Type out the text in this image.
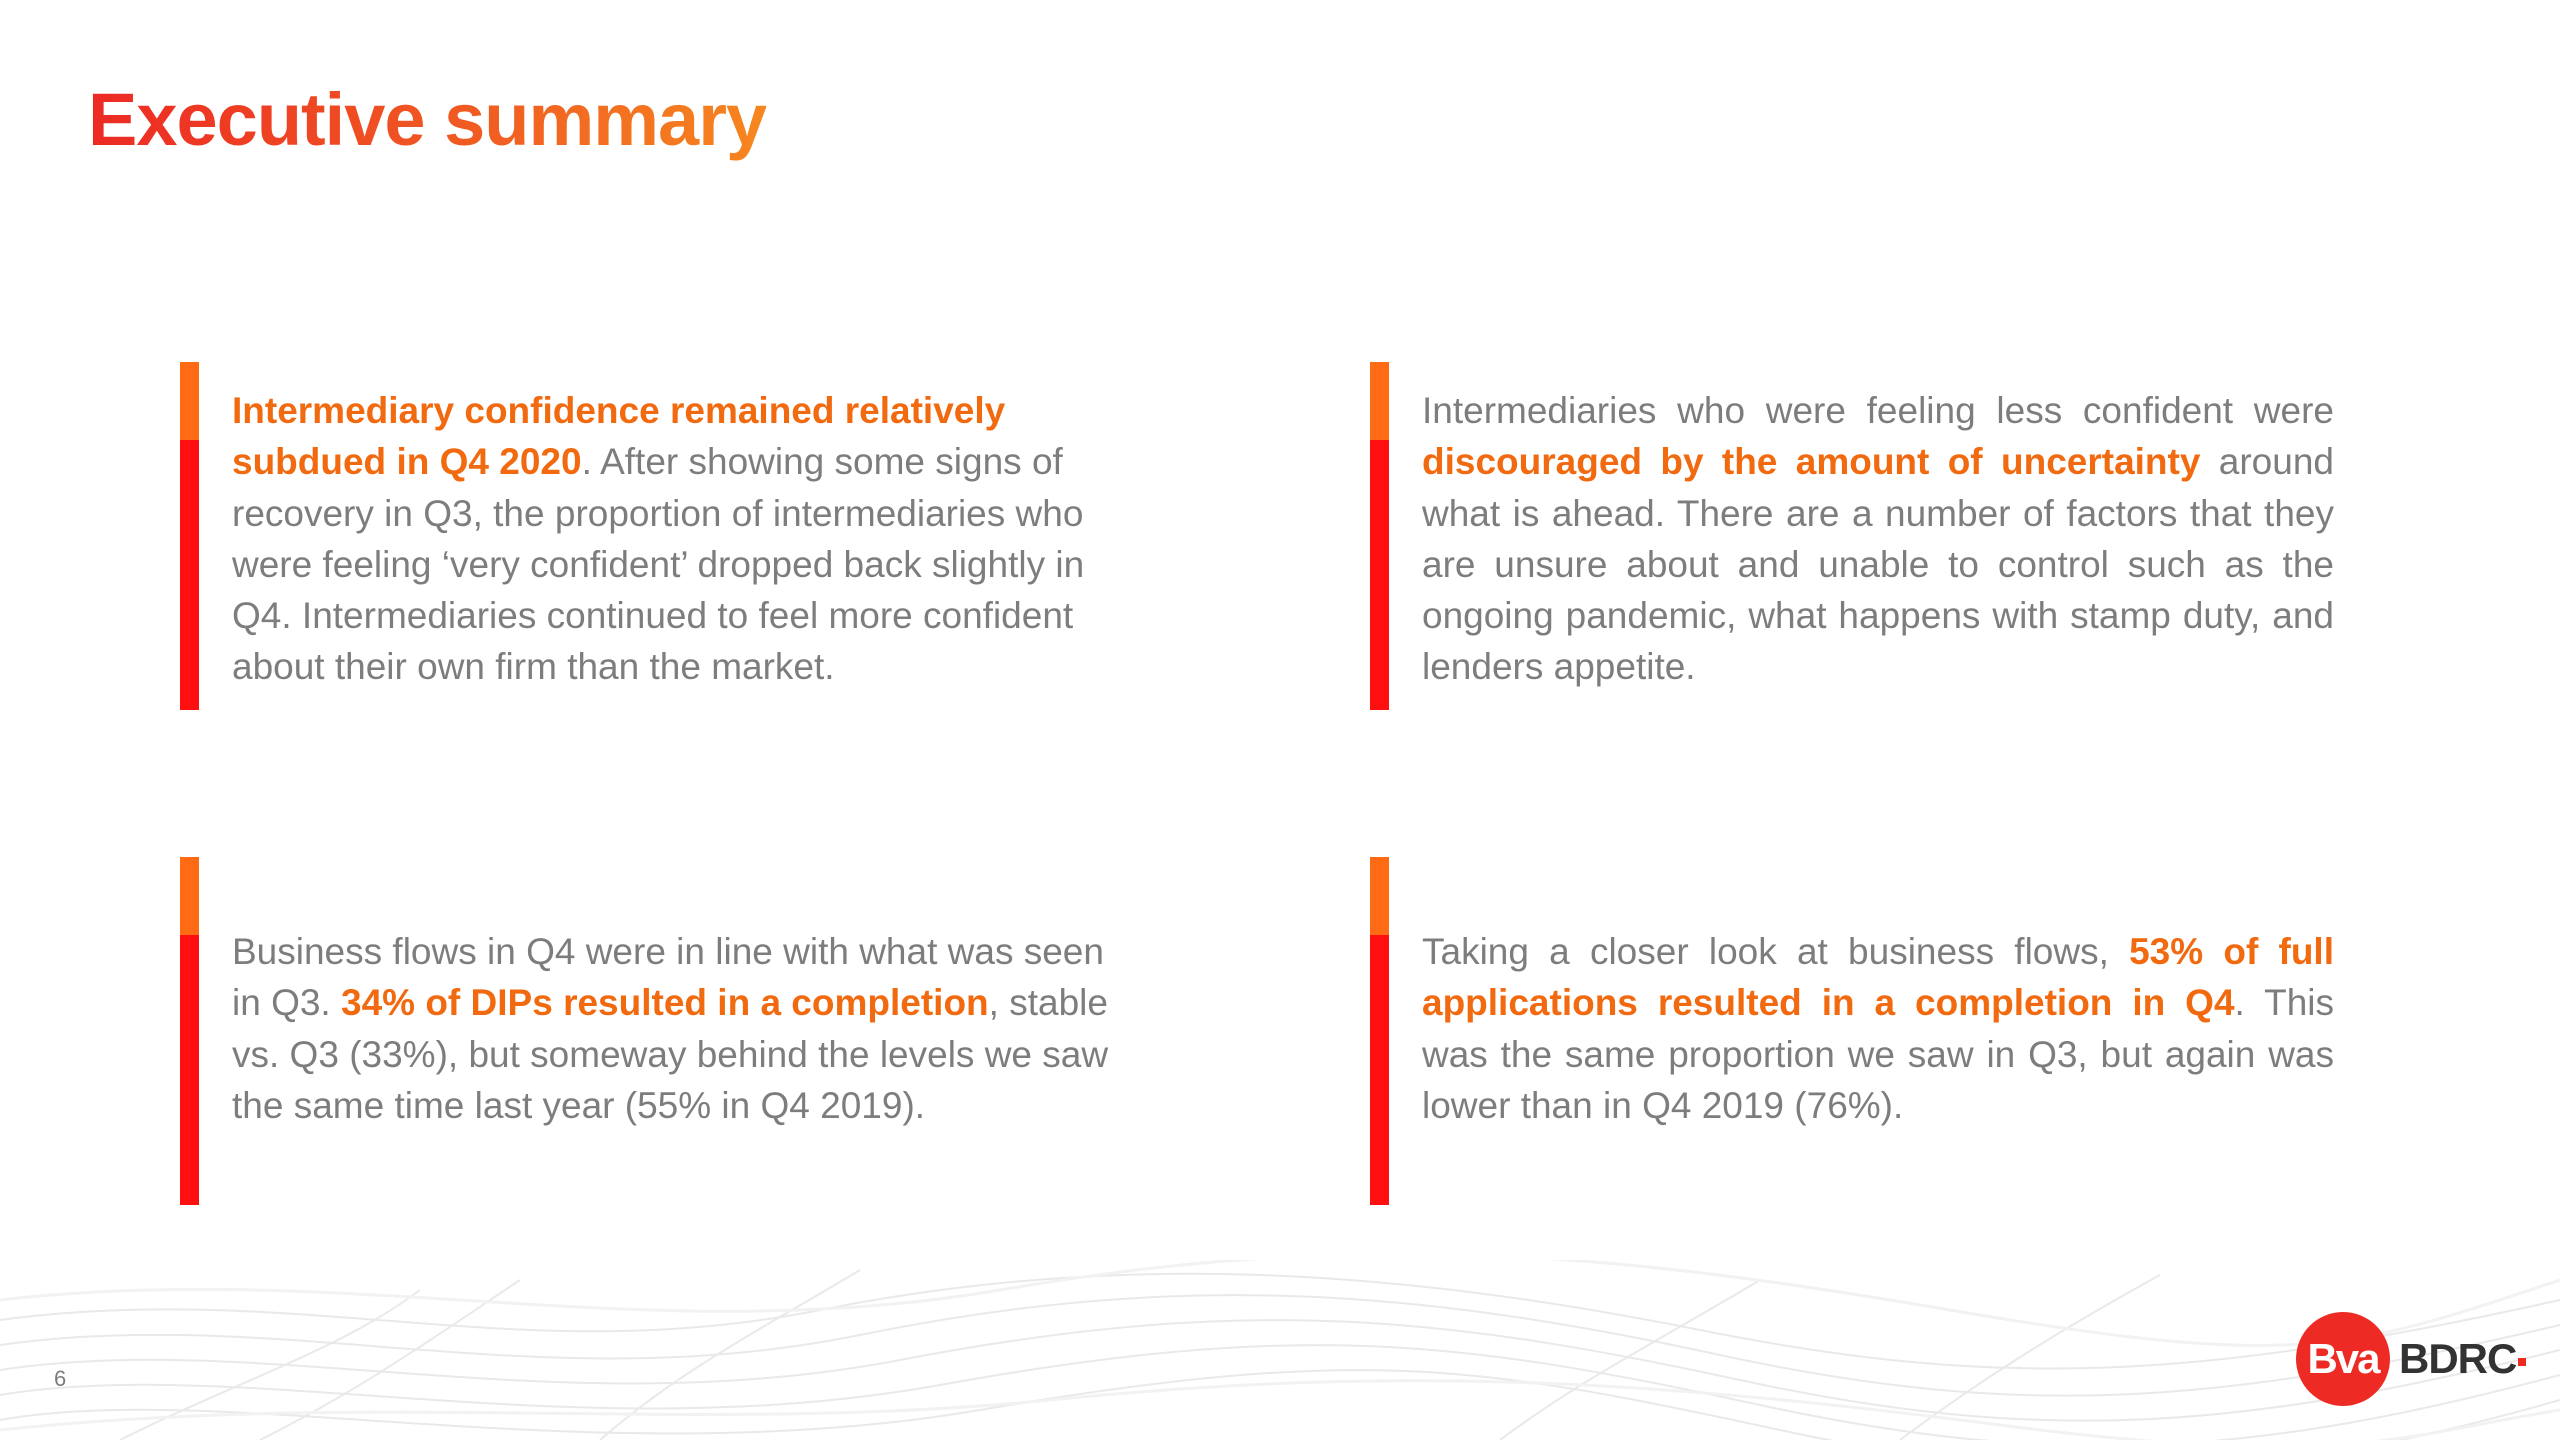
Executive summary
Intermediary confidence remained relatively subdued in Q4 2020. After showing some signs of recovery in Q3, the proportion of intermediaries who were feeling ‘very confident’ dropped back slightly in Q4. Intermediaries continued to feel more confident about their own firm than the market.
Intermediaries who were feeling less confident were discouraged by the amount of uncertainty around what is ahead. There are a number of factors that they are unsure about and unable to control such as the ongoing pandemic, what happens with stamp duty, and lenders appetite.
Business flows in Q4 were in line with what was seen in Q3. 34% of DIPs resulted in a completion, stable vs. Q3 (33%), but someway behind the levels we saw the same time last year (55% in Q4 2019).
Taking a closer look at business flows, 53% of full applications resulted in a completion in Q4. This was the same proportion we saw in Q3, but again was lower than in Q4 2019 (76%).
6	Bva BDRC
